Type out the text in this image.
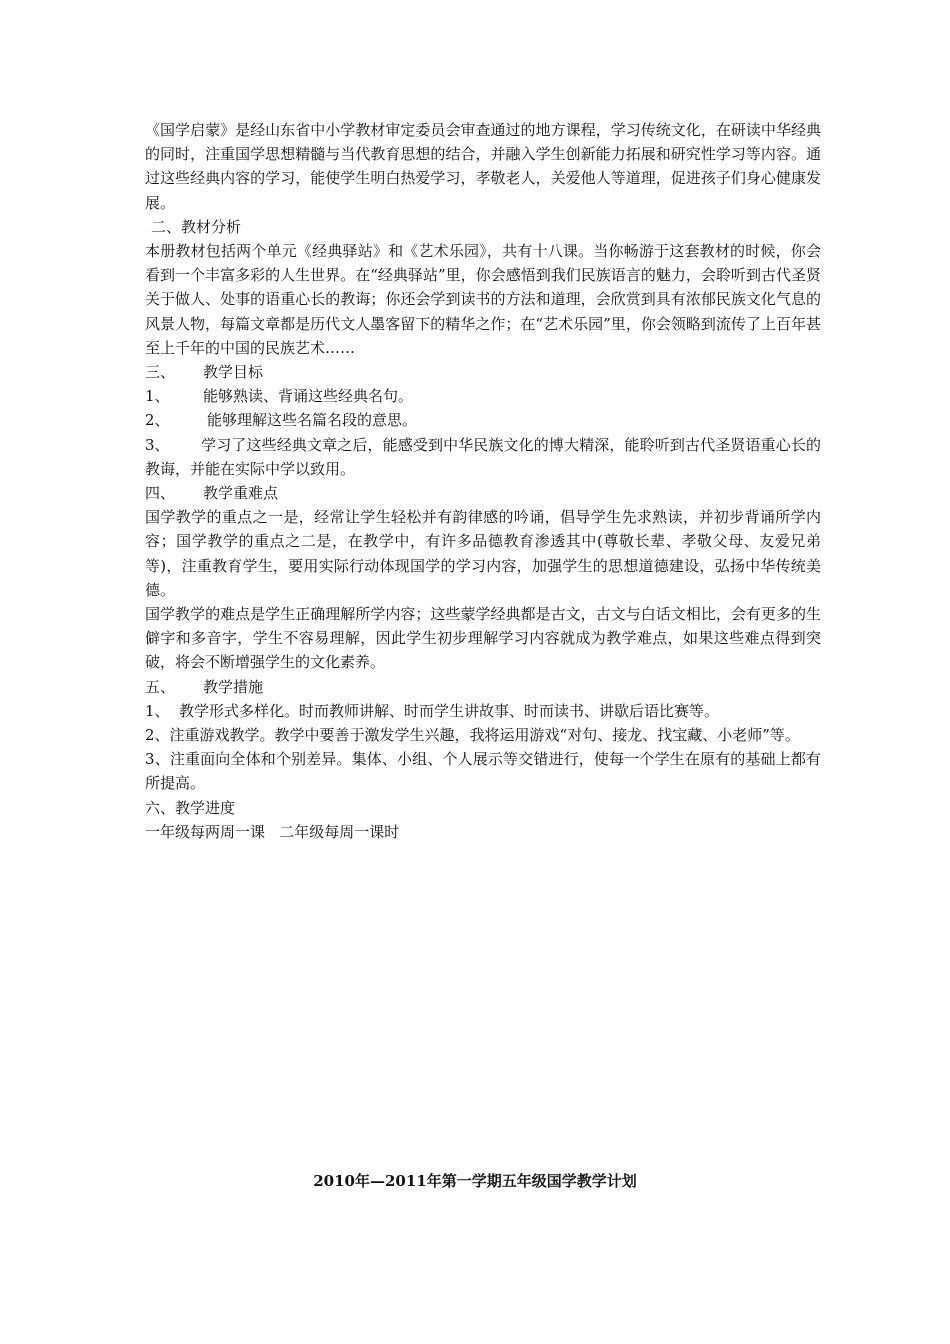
《国学启蒙》是经山东省中小学教材审定委员会审查通过的地方课程，学习传统文化，在研读中华经典的同时，注重国学思想精髓与当代教育思想的结合，并融入学生创新能力拓展和研究性学习等内容。通过这些经典内容的学习，能使学生明白热爱学习，孝敬老人，关爱他人等道理，促进孩子们身心健康发展。

二、教材分析

本册教材包括两个单元《经典驿站》和《艺术乐园》，共有十八课。当你畅游于这套教材的时候，你会看到一个丰富多彩的人生世界。在“经典驿站”里，你会感悟到我们民族语言的魅力，会聆听到古代圣贤关于做人、处事的语重心长的教诲；你还会学到读书的方法和道理，会欣赏到具有浓郁民族文化气息的风景人物，每篇文章都是历代文人墨客留下的精华之作；在“艺术乐园”里，你会领略到流传了上百年甚至上千年的中国的民族艺术……

三、	教学目标
1、	能够熟读、背诵这些经典名句。
2、	能够理解这些名篇名段的意思。

3、 学习了这些经典文章之后，能感受到中华民族文化的博大精深，能聆听到古代圣贤语重心长的教诲，并能在实际中学以致用。

四、	教学重难点

国学教学的重点之一是，经常让学生轻松并有韵律感的吟诵，倡导学生先求熟读，并初步背诵所学内容；国学教学的重点之二是，在教学中，有许多品德教育渗透其中(尊敬长辈、孝敬父母、友爱兄弟等)，注重教育学生，要用实际行动体现国学的学习内容，加强学生的思想道德建设，弘扬中华传统美德。

国学教学的难点是学生正确理解所学内容；这些蒙学经典都是古文，古文与白话文相比，会有更多的生僻字和多音字，学生不容易理解，因此学生初步理解学习内容就成为教学难点，如果这些难点得到突破，将会不断增强学生的文化素养。

五、	教学措施
1、 教学形式多样化。时而教师讲解、时而学生讲故事、时而读书、讲歇后语比赛等。

2、注重游戏教学。教学中要善于激发学生兴趣，我将运用游戏“对句、接龙、找宝藏、小老师”等。

3、注重面向全体和个别差异。集体、小组、个人展示等交错进行，使每一个学生在原有的基础上都有所提高。

六、教学进度

一年级每两周一课   二年级每周一课时

2010年—2011年第一学期五年级国学教学计划
